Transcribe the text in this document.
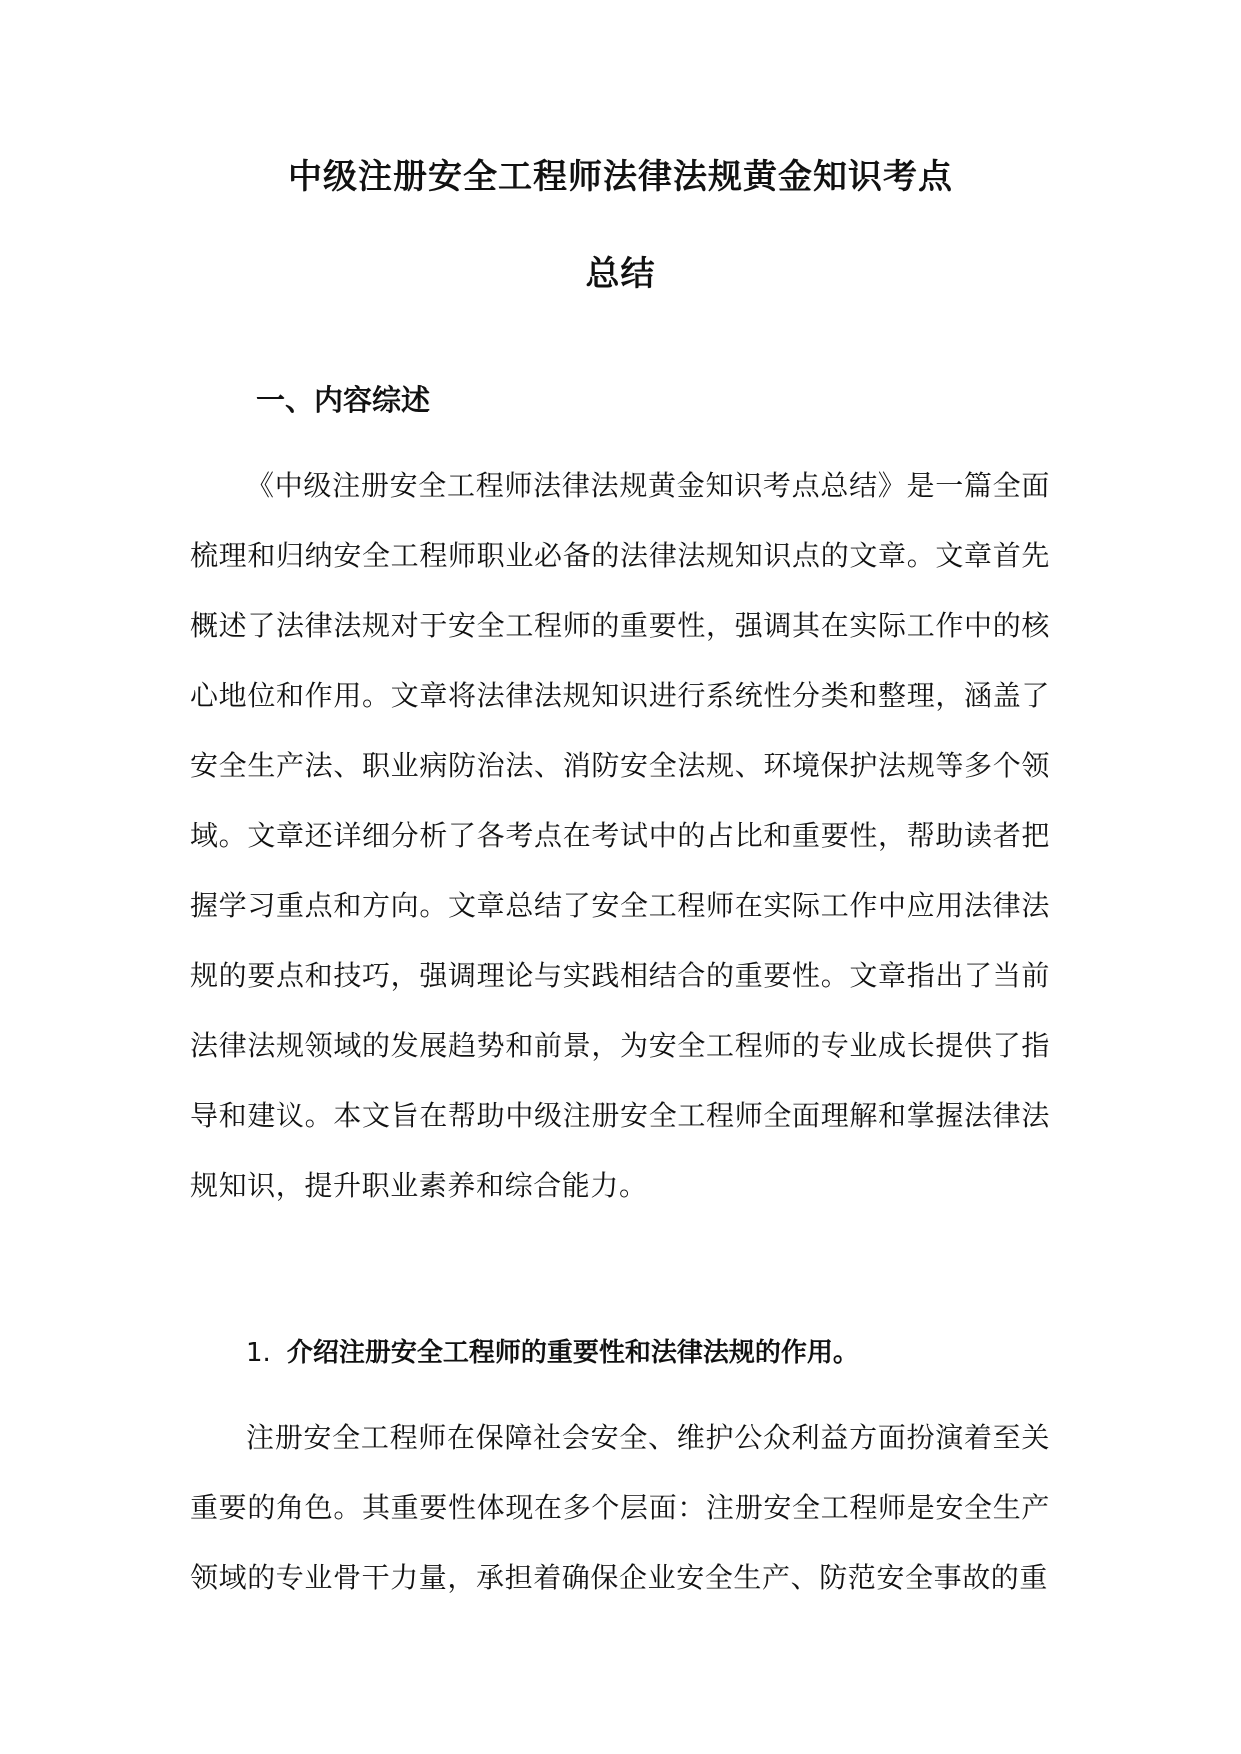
中级注册安全工程师法律法规黄金知识考点
总结
一、内容综述

《中级注册安全工程师法律法规黄金知识考点总结》是一篇全面梳理和归纳安全工程师职业必备的法律法规知识点的文章。文章首先概述了法律法规对于安全工程师的重要性，强调其在实际工作中的核心地位和作用。文章将法律法规知识进行系统性分类和整理，涵盖了安全生产法、职业病防治法、消防安全法规、环境保护法规等多个领域。文章还详细分析了各考点在考试中的占比和重要性，帮助读者把握学习重点和方向。文章总结了安全工程师在实际工作中应用法律法规的要点和技巧，强调理论与实践相结合的重要性。文章指出了当前法律法规领域的发展趋势和前景，为安全工程师的专业成长提供了指导和建议。本文旨在帮助中级注册安全工程师全面理解和掌握法律法规知识，提升职业素养和综合能力。

1. 介绍注册安全工程师的重要性和法律法规的作用。

注册安全工程师在保障社会安全、维护公众利益方面扮演着至关重要的角色。其重要性体现在多个层面：注册安全工程师是安全生产领域的专业骨干力量，承担着确保企业安全生产、防范安全事故的重
